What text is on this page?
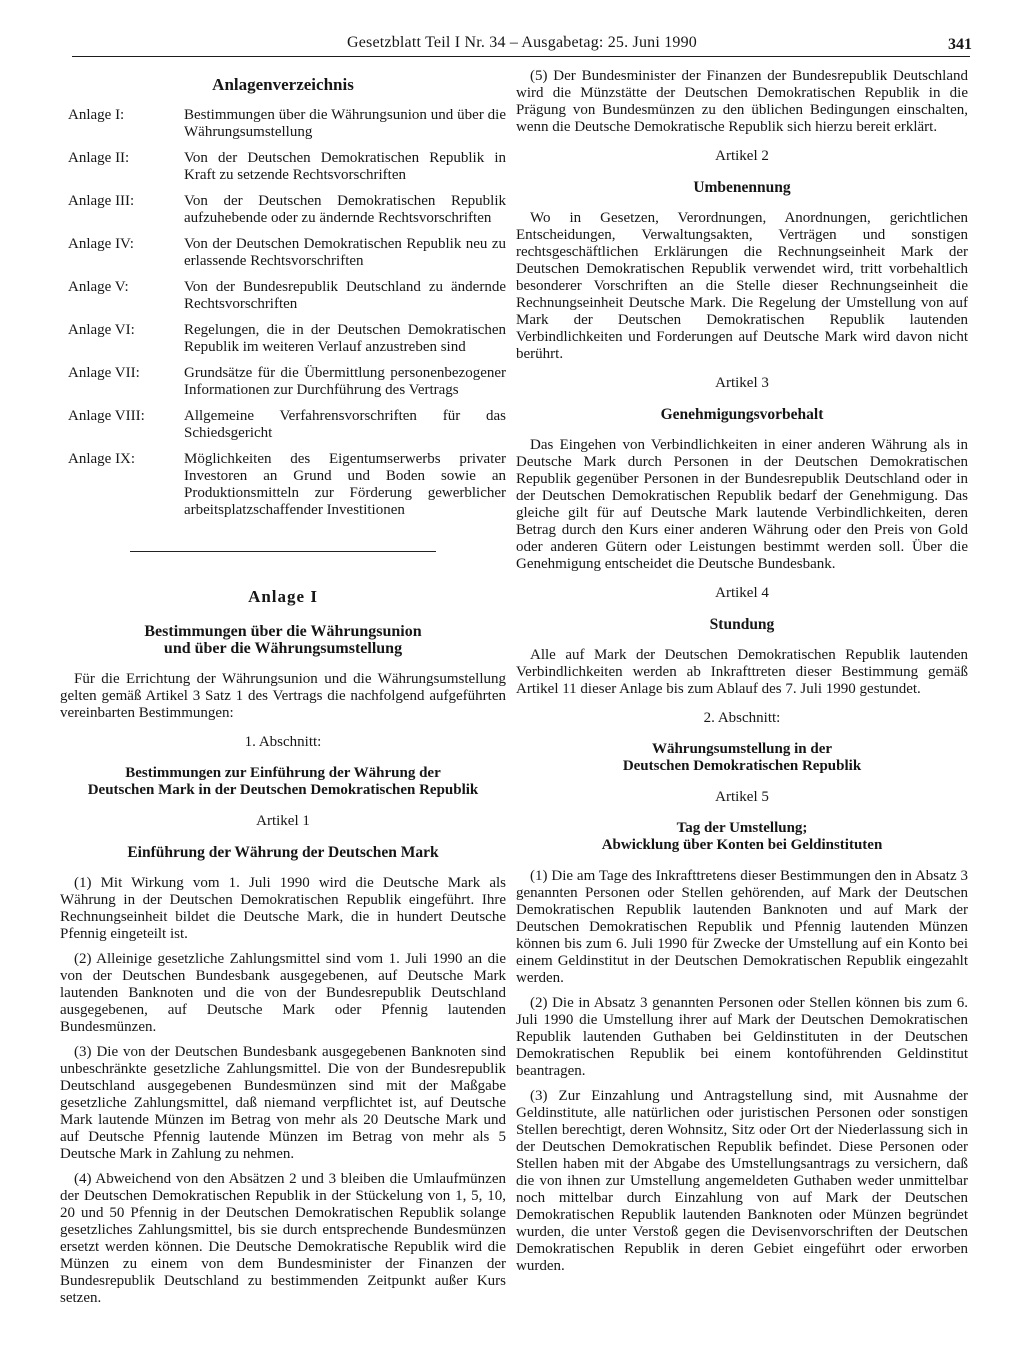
Gesetzblatt Teil I Nr. 34 – Ausgabetag: 25. Juni 1990	341

Anlagenverzeichnis

Anlage I:	Bestimmungen über die Währungsunion und über die Währungsumstellung
Anlage II:	Von der Deutschen Demokratischen Republik in Kraft zu setzende Rechtsvorschriften
Anlage III:	Von der Deutschen Demokratischen Republik aufzuhebende oder zu ändernde Rechtsvorschriften
Anlage IV:	Von der Deutschen Demokratischen Republik neu zu erlassende Rechtsvorschriften
Anlage V:	Von der Bundesrepublik Deutschland zu ändernde Rechtsvorschriften
Anlage VI:	Regelungen, die in der Deutschen Demokratischen Republik im weiteren Verlauf anzustreben sind
Anlage VII:	Grundsätze für die Übermittlung personenbezogener Informationen zur Durchführung des Vertrags
Anlage VIII:	Allgemeine Verfahrensvorschriften für das Schiedsgericht
Anlage IX:	Möglichkeiten des Eigentumserwerbs privater Investoren an Grund und Boden sowie an Produktionsmitteln zur Förderung gewerblicher arbeitsplatzschaffender Investitionen

Anlage I

Bestimmungen über die Währungsunion

und über die Währungsumstellung

Für die Errichtung der Währungsunion und die Währungsumstellung gelten gemäß Artikel 3 Satz 1 des Vertrags die nachfolgend aufgeführten vereinbarten Bestimmungen:

1. Abschnitt:

Bestimmungen zur Einführung der Währung der

Deutschen Mark in der Deutschen Demokratischen Republik

Artikel 1

Einführung der Währung der Deutschen Mark

(1) Mit Wirkung vom 1. Juli 1990 wird die Deutsche Mark als Währung in der Deutschen Demokratischen Republik eingeführt. Ihre Rechnungseinheit bildet die Deutsche Mark, die in hundert Deutsche Pfennig eingeteilt ist.

(2) Alleinige gesetzliche Zahlungsmittel sind vom 1. Juli 1990 an die von der Deutschen Bundesbank ausgegebenen, auf Deutsche Mark lautenden Banknoten und die von der Bundesrepublik Deutschland ausgegebenen, auf Deutsche Mark oder Pfennig lautenden Bundesmünzen.

(3) Die von der Deutschen Bundesbank ausgegebenen Banknoten sind unbeschränkte gesetzliche Zahlungsmittel. Die von der Bundesrepublik Deutschland ausgegebenen Bundesmünzen sind mit der Maßgabe gesetzliche Zahlungsmittel, daß niemand verpflichtet ist, auf Deutsche Mark lautende Münzen im Betrag von mehr als 20 Deutsche Mark und auf Deutsche Pfennig lautende Münzen im Betrag von mehr als 5 Deutsche Mark in Zahlung zu nehmen.

(4) Abweichend von den Absätzen 2 und 3 bleiben die Umlaufmünzen der Deutschen Demokratischen Republik in der Stückelung von 1, 5, 10, 20 und 50 Pfennig in der Deutschen Demokratischen Republik solange gesetzliches Zahlungsmittel, bis sie durch entsprechende Bundesmünzen ersetzt werden können. Die Deutsche Demokratische Republik wird die Münzen zu einem von dem Bundesminister der Finanzen der Bundesrepublik Deutschland zu bestimmenden Zeitpunkt außer Kurs setzen.

(5) Der Bundesminister der Finanzen der Bundesrepublik Deutschland wird die Münzstätte der Deutschen Demokratischen Republik in die Prägung von Bundesmünzen zu den üblichen Bedingungen einschalten, wenn die Deutsche Demokratische Republik sich hierzu bereit erklärt.

Artikel 2

Umbenennung

Wo in Gesetzen, Verordnungen, Anordnungen, gerichtlichen Entscheidungen, Verwaltungsakten, Verträgen und sonstigen rechtsgeschäftlichen Erklärungen die Rechnungseinheit Mark der Deutschen Demokratischen Republik verwendet wird, tritt vorbehaltlich besonderer Vorschriften an die Stelle dieser Rechnungseinheit die Rechnungseinheit Deutsche Mark. Die Regelung der Umstellung von auf Mark der Deutschen Demokratischen Republik lautenden Verbindlichkeiten und Forderungen auf Deutsche Mark wird davon nicht berührt.

Artikel 3

Genehmigungsvorbehalt

Das Eingehen von Verbindlichkeiten in einer anderen Währung als in Deutsche Mark durch Personen in der Deutschen Demokratischen Republik gegenüber Personen in der Bundesrepublik Deutschland oder in der Deutschen Demokratischen Republik bedarf der Genehmigung. Das gleiche gilt für auf Deutsche Mark lautende Verbindlichkeiten, deren Betrag durch den Kurs einer anderen Währung oder den Preis von Gold oder anderen Gütern oder Leistungen bestimmt werden soll. Über die Genehmigung entscheidet die Deutsche Bundesbank.

Artikel 4

Stundung

Alle auf Mark der Deutschen Demokratischen Republik lautenden Verbindlichkeiten werden ab Inkrafttreten dieser Bestimmung gemäß Artikel 11 dieser Anlage bis zum Ablauf des 7. Juli 1990 gestundet.

2. Abschnitt:

Währungsumstellung in der

Deutschen Demokratischen Republik

Artikel 5

Tag der Umstellung;

Abwicklung über Konten bei Geldinstituten

(1) Die am Tage des Inkrafttretens dieser Bestimmungen den in Absatz 3 genannten Personen oder Stellen gehörenden, auf Mark der Deutschen Demokratischen Republik lautenden Banknoten und auf Mark der Deutschen Demokratischen Republik und Pfennig lautenden Münzen können bis zum 6. Juli 1990 für Zwecke der Umstellung auf ein Konto bei einem Geldinstitut in der Deutschen Demokratischen Republik eingezahlt werden.

(2) Die in Absatz 3 genannten Personen oder Stellen können bis zum 6. Juli 1990 die Umstellung ihrer auf Mark der Deutschen Demokratischen Republik lautenden Guthaben bei Geldinstituten in der Deutschen Demokratischen Republik bei einem kontoführenden Geldinstitut beantragen.

(3) Zur Einzahlung und Antragstellung sind, mit Ausnahme der Geldinstitute, alle natürlichen oder juristischen Personen oder sonstigen Stellen berechtigt, deren Wohnsitz, Sitz oder Ort der Niederlassung sich in der Deutschen Demokratischen Republik befindet. Diese Personen oder Stellen haben mit der Abgabe des Umstellungsantrags zu versichern, daß die von ihnen zur Umstellung angemeldeten Guthaben weder unmittelbar noch mittelbar durch Einzahlung von auf Mark der Deutschen Demokratischen Republik lautenden Banknoten oder Münzen begründet wurden, die unter Verstoß gegen die Devisenvorschriften der Deutschen Demokratischen Republik in deren Gebiet eingeführt oder erworben wurden.
